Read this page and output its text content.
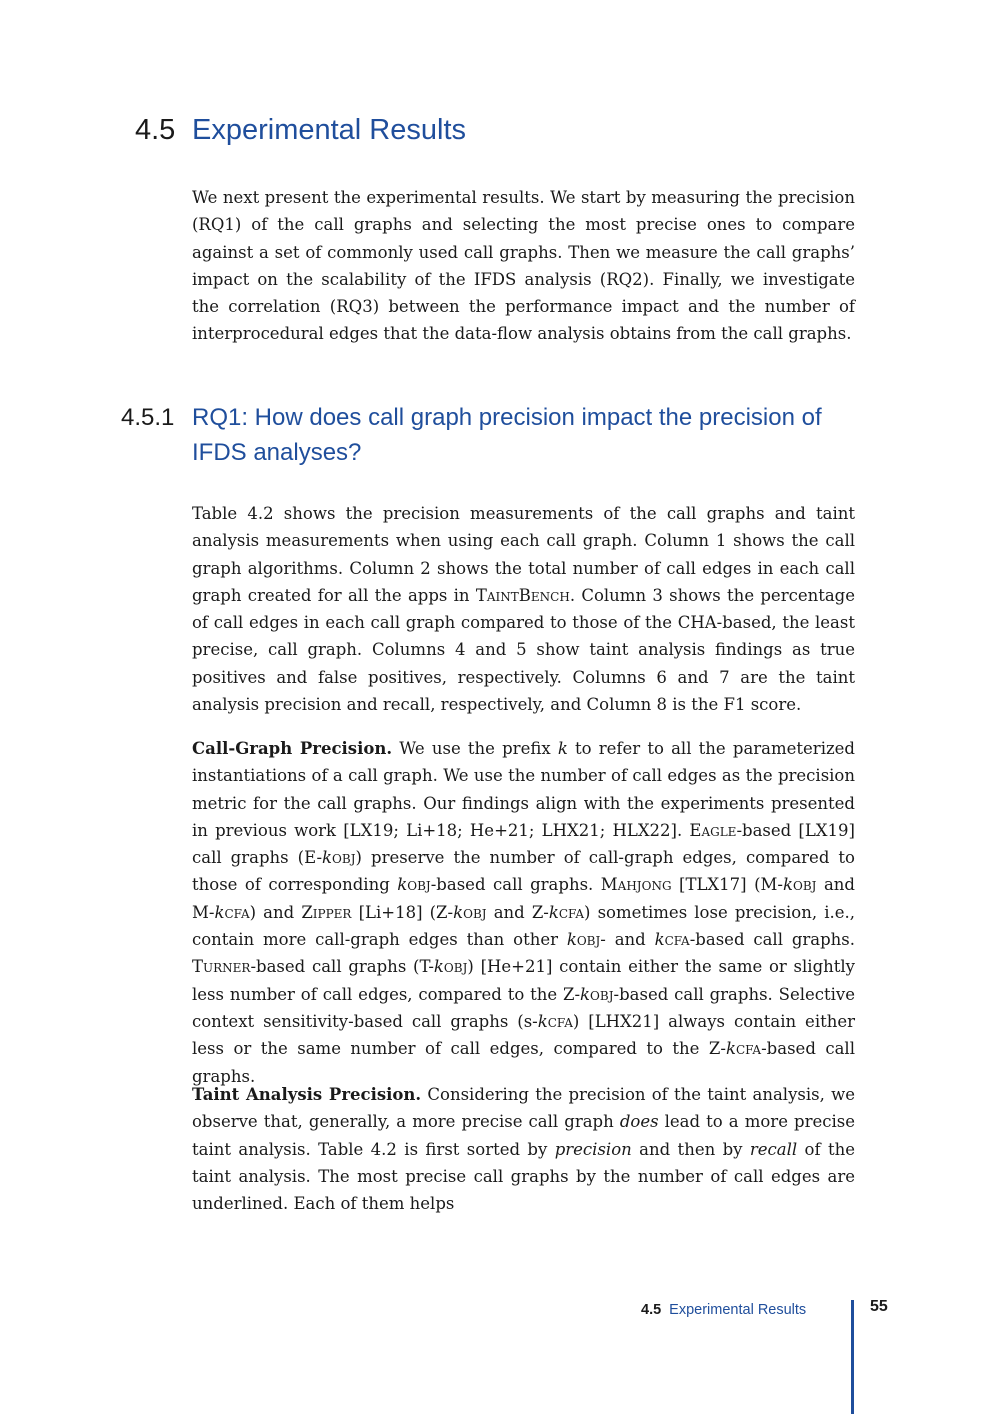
4.5 Experimental Results

We next present the experimental results. We start by measuring the precision (RQ1) of the call graphs and selecting the most precise ones to compare against a set of commonly used call graphs. Then we measure the call graphs’ impact on the scalability of the IFDS analysis (RQ2). Finally, we investigate the correlation (RQ3) between the performance impact and the number of interprocedural edges that the data-flow analysis obtains from the call graphs.

4.5.1 RQ1: How does call graph precision impact the precision of IFDS analyses?

Table 4.2 shows the precision measurements of the call graphs and taint analysis measurements when using each call graph. Column 1 shows the call graph algorithms. Column 2 shows the total number of call edges in each call graph created for all the apps in TaintBench. Column 3 shows the percentage of call edges in each call graph compared to those of the CHA-based, the least precise, call graph. Columns 4 and 5 show taint analysis findings as true positives and false positives, respectively. Columns 6 and 7 are the taint analysis precision and recall, respectively, and Column 8 is the F1 score.

Call-Graph Precision. We use the prefix k to refer to all the parameterized instantiations of a call graph. We use the number of call edges as the precision metric for the call graphs. Our findings align with the experiments presented in previous work [LX19; Li+18; He+21; LHX21; HLX22]. Eagle-based [LX19] call graphs (E-kobj) preserve the number of call-graph edges, compared to those of corresponding kobj-based call graphs. Mahjong [TLX17] (M-kobj and M-kcfa) and Zipper [Li+18] (Z-kobj and Z-kcfa) sometimes lose precision, i.e., contain more call-graph edges than other kobj- and kcfa-based call graphs. Turner-based call graphs (T-kobj) [He+21] contain either the same or slightly less number of call edges, compared to the Z-kobj-based call graphs. Selective context sensitivity-based call graphs (s-kcfa) [LHX21] always contain either less or the same number of call edges, compared to the Z-kcfa-based call graphs.

Taint Analysis Precision. Considering the precision of the taint analysis, we observe that, generally, a more precise call graph does lead to a more precise taint analysis. Table 4.2 is first sorted by precision and then by recall of the taint analysis. The most precise call graphs by the number of call edges are underlined. Each of them helps

4.5 Experimental Results	55
